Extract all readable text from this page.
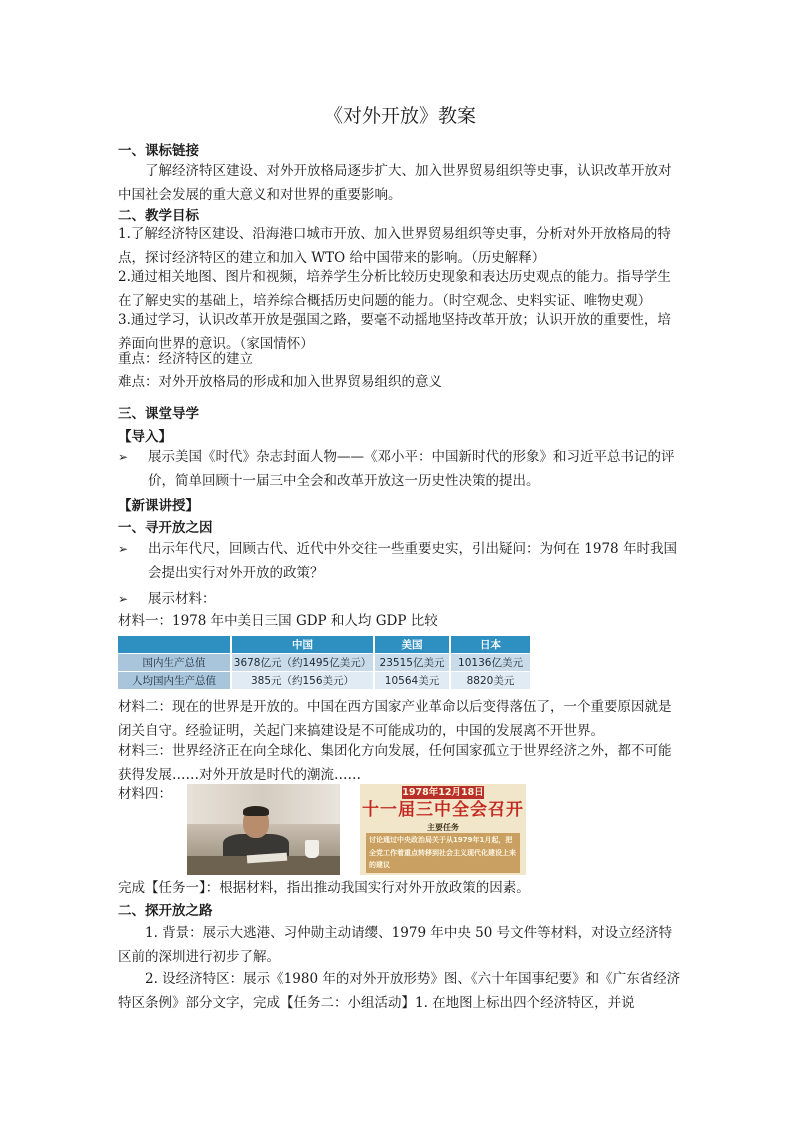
《对外开放》教案
一、课标链接
了解经济特区建设、对外开放格局逐步扩大、加入世界贸易组织等史事，认识改革开放对中国社会发展的重大意义和对世界的重要影响。
二、教学目标
1.了解经济特区建设、沿海港口城市开放、加入世界贸易组织等史事，分析对外开放格局的特点，探讨经济特区的建立和加入 WTO 给中国带来的影响。（历史解释）
2.通过相关地图、图片和视频，培养学生分析比较历史现象和表达历史观点的能力。指导学生在了解史实的基础上，培养综合概括历史问题的能力。（时空观念、史料实证、唯物史观）
3.通过学习，认识改革开放是强国之路，要毫不动摇地坚持改革开放；认识开放的重要性，培养面向世界的意识。（家国情怀）
重点：经济特区的建立
难点：对外开放格局的形成和加入世界贸易组织的意义
三、课堂导学
【导入】
➢ 展示美国《时代》杂志封面人物——《邓小平：中国新时代的形象》和习近平总书记的评价，简单回顾十一届三中全会和改革开放这一历史性决策的提出。
【新课讲授】
一、寻开放之因
➢ 出示年代尺，回顾古代、近代中外交往一些重要史实，引出疑问：为何在 1978 年时我国会提出实行对外开放的政策？
➢ 展示材料：
材料一：1978 年中美日三国 GDP 和人均 GDP 比较
	中国	美国	日本
国内生产总值	3678亿元（约1495亿美元）	23515亿美元	10136亿美元
人均国内生产总值	385元（约156美元）	10564美元	8820美元
材料二：现在的世界是开放的。中国在西方国家产业革命以后变得落伍了，一个重要原因就是闭关自守。经验证明，关起门来搞建设是不可能成功的，中国的发展离不开世界。
材料三：世界经济正在向全球化、集团化方向发展，任何国家孤立于世界经济之外，都不可能获得发展……对外开放是时代的潮流……
材料四：	1978年12月18日
十一届三中全会召开
主要任务
讨论通过中央政治局关于从1979年1月起，把全党工作着重点转移到社会主义现代化建设上来的建议
完成【任务一】：根据材料，指出推动我国实行对外开放政策的因素。
二、探开放之路
1. 背景：展示大逃港、习仲勋主动请缨、1979 年中央 50 号文件等材料，对设立经济特区前的深圳进行初步了解。
2. 设经济特区：展示《1980 年的对外开放形势》图、《六十年国事纪要》和《广东省经济特区条例》部分文字，完成【任务二：小组活动】1. 在地图上标出四个经济特区，并说
